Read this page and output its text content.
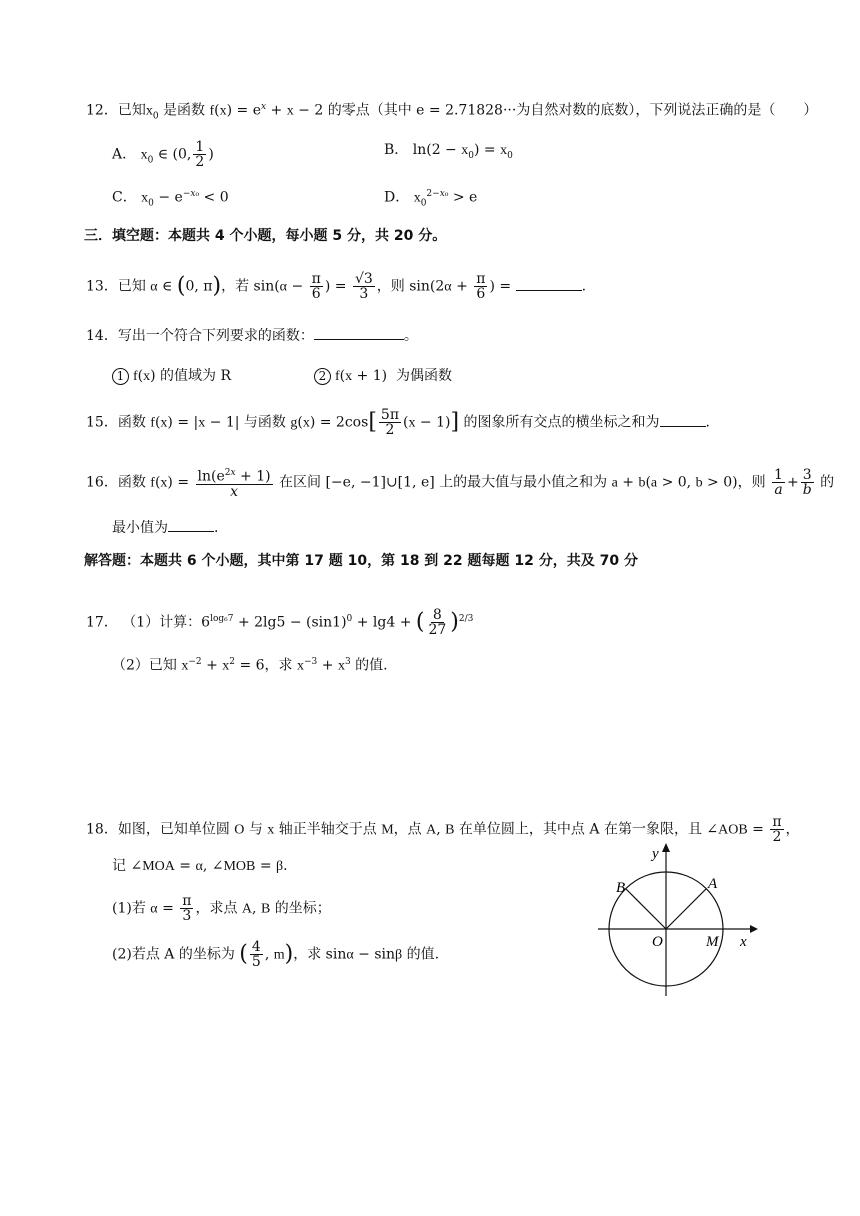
12．已知$x_0$ 是函数 $f(x) = e^x + x - 2$ 的零点（其中 e = 2.71828···为自然对数的底数），下列说法正确的是（　　）
A． $x_0$ ∈ (0, $\frac{1}{2}$ )	B． $\ln(2 - x_0) = x_0$
C． $x_0 - e^{-x_0} < 0$	D． $x_0^{2-x_0} > e$
三．填空题：本题共 4 个小题，每小题 5 分，共 20 分。
13．已知 α ∈ (0, π)，若 $\sin(\alpha - \frac{\pi}{6}$ ) = $\frac{√3}{3}$ ，则 $\sin(2\alpha + \frac{\pi}{6}$ ) =	.
14．写出一个符合下列要求的函数：	。
1 f(x) 的值域为 R	2 f(x + 1)  为偶函数
15．函数 f(x) = |x − 1| 与函数 $g(x) = 2\cos[ \frac{5\pi}{2} (x - 1)]$ 的图象所有交点的横坐标之和为	.
16．函数 $f(x) = \frac{\ln(e^{2x} + 1)}{x}$ 在区间 [−e, −1]∪[1, e] 上的最大值与最小值之和为 a + b(a > 0, b > 0)，则 $\frac{1}{a} + \frac{3}{b}$ 的
最小值为	.
解答题：本题共 6 个小题，其中第 17 题 10，第 18 到 22 题每题 12 分，共及 70 分
17． （1）计算：$6^{log_67} + 2\lg 5 - (\sin 1)^0 + \lg 4$ + ( $\frac{8}{27} )^{2/3}$
（2）已知 $x^{-2} + x^2 = 6$，求 $x^{-3} + x^3$ 的值.
18．如图，已知单位圆 O 与 x 轴正半轴交于点 M，点 A, B 在单位圆上，其中点 A 在第一象限，且 ∠AOB = $\frac{\pi}{2}$ ，
记 ∠MOA = α, ∠MOB = β.
(1)若 $\alpha = \frac{\pi}{3}$ ，求点 A, B 的坐标；
(2)若点 A 的坐标为 ( $\frac{4}{5}$ , m)，求 sinα − sinβ 的值.
y
x
O	M
A
B
